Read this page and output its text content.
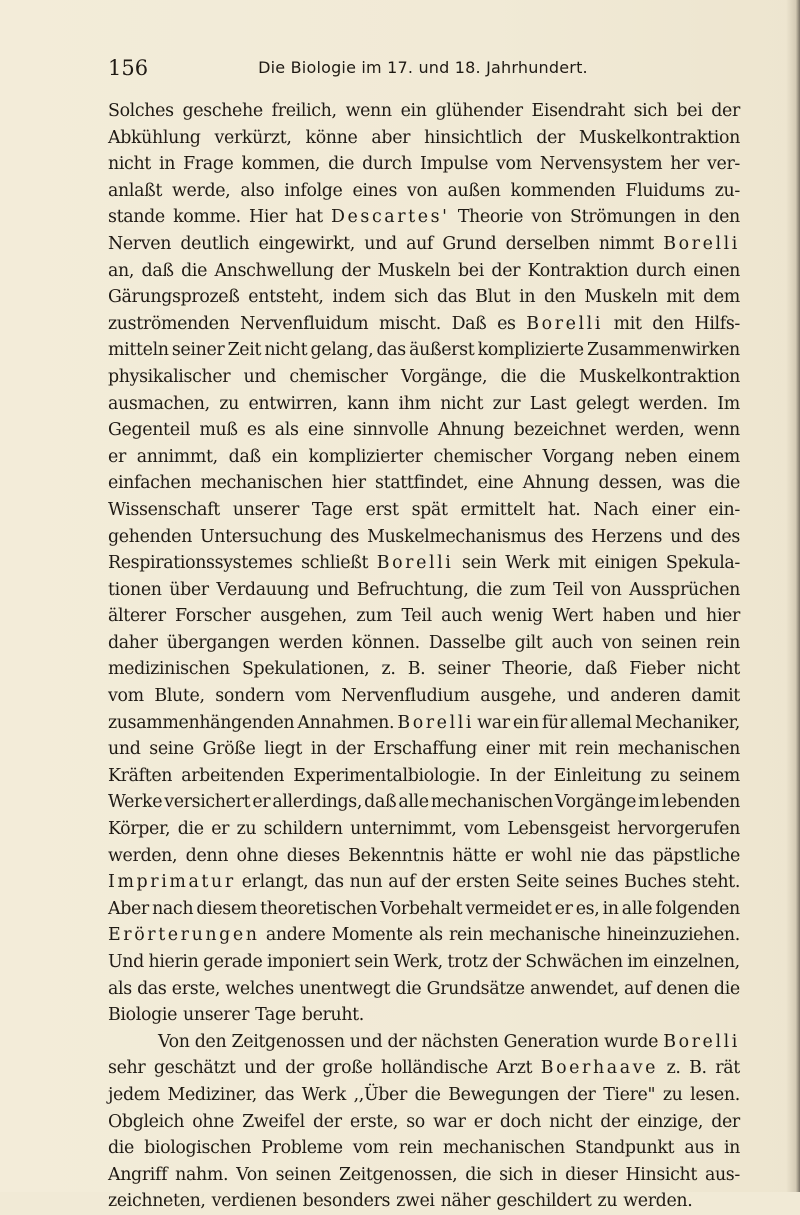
156	Die Biologie im 17. und 18. Jahrhundert.
Solches geschehe freilich, wenn ein glühender Eisendraht sich bei der
Abkühlung verkürzt, könne aber hinsichtlich der Muskelkontraktion
nicht in Frage kommen, die durch Impulse vom Nervensystem her ver-
anlaßt werde, also infolge eines von außen kommenden Fluidums zu-
stande komme. Hier hat Descartes' Theorie von Strömungen in den
Nerven deutlich eingewirkt, und auf Grund derselben nimmt Borelli
an, daß die Anschwellung der Muskeln bei der Kontraktion durch einen
Gärungsprozeß entsteht, indem sich das Blut in den Muskeln mit dem
zuströmenden Nervenfluidum mischt. Daß es Borelli mit den Hilfs-
mitteln seiner Zeit nicht gelang, das äußerst komplizierte Zusammenwirken
physikalischer und chemischer Vorgänge, die die Muskelkontraktion
ausmachen, zu entwirren, kann ihm nicht zur Last gelegt werden. Im
Gegenteil muß es als eine sinnvolle Ahnung bezeichnet werden, wenn
er annimmt, daß ein komplizierter chemischer Vorgang neben einem
einfachen mechanischen hier stattfindet, eine Ahnung dessen, was die
Wissenschaft unserer Tage erst spät ermittelt hat. Nach einer ein-
gehenden Untersuchung des Muskelmechanismus des Herzens und des
Respirationssystemes schließt Borelli sein Werk mit einigen Spekula-
tionen über Verdauung und Befruchtung, die zum Teil von Aussprüchen
älterer Forscher ausgehen, zum Teil auch wenig Wert haben und hier
daher übergangen werden können. Dasselbe gilt auch von seinen rein
medizinischen Spekulationen, z. B. seiner Theorie, daß Fieber nicht
vom Blute, sondern vom Nervenfludium ausgehe, und anderen damit
zusammenhängenden Annahmen. Borelli war ein für allemal Mechaniker,
und seine Größe liegt in der Erschaffung einer mit rein mechanischen
Kräften arbeitenden Experimentalbiologie. In der Einleitung zu seinem
Werke versichert er allerdings, daß alle mechanischen Vorgänge im lebenden
Körper, die er zu schildern unternimmt, vom Lebensgeist hervorgerufen
werden, denn ohne dieses Bekenntnis hätte er wohl nie das päpstliche
Imprimatur erlangt, das nun auf der ersten Seite seines Buches steht.
Aber nach diesem theoretischen Vorbehalt vermeidet er es, in alle folgenden
Erörterungen andere Momente als rein mechanische hineinzuziehen.
Und hierin gerade imponiert sein Werk, trotz der Schwächen im einzelnen,
als das erste, welches unentwegt die Grundsätze anwendet, auf denen die
Biologie unserer Tage beruht.
Von den Zeitgenossen und der nächsten Generation wurde Borelli
sehr geschätzt und der große holländische Arzt Boerhaave z. B. rät
jedem Mediziner, das Werk ,,Über die Bewegungen der Tiere" zu lesen.
Obgleich ohne Zweifel der erste, so war er doch nicht der einzige, der
die biologischen Probleme vom rein mechanischen Standpunkt aus in
Angriff nahm. Von seinen Zeitgenossen, die sich in dieser Hinsicht aus-
zeichneten, verdienen besonders zwei näher geschildert zu werden.
